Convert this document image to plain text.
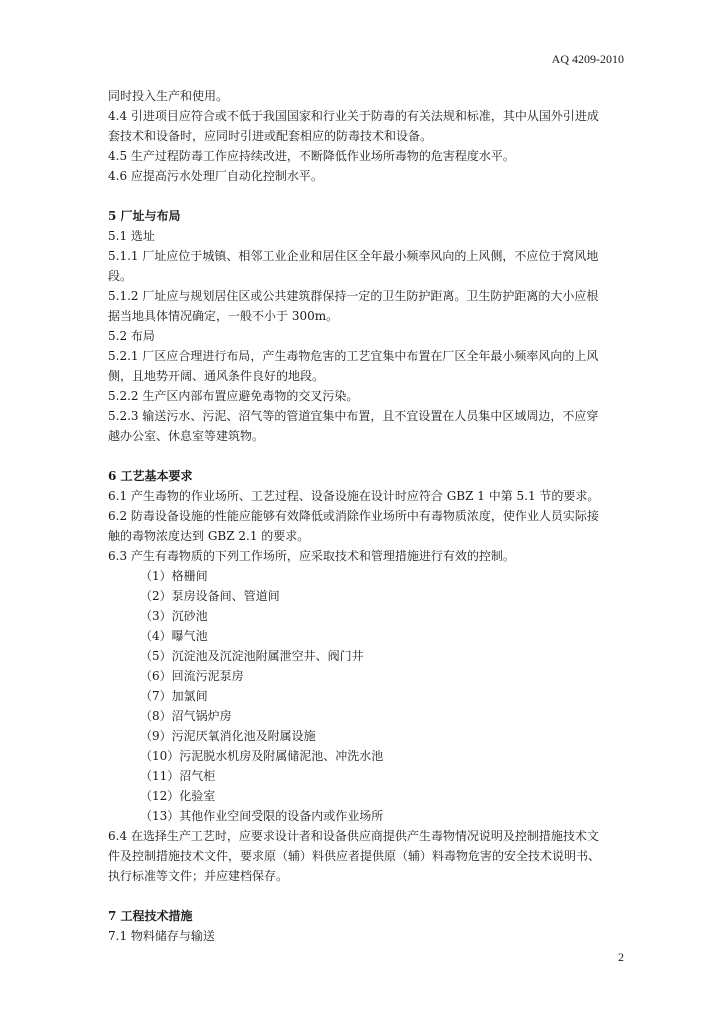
AQ 4209-2010

同时投入生产和使用。

4.4 引进项目应符合或不低于我国国家和行业关于防毒的有关法规和标准，其中从国外引进成

套技术和设备时，应同时引进或配套相应的防毒技术和设备。

4.5 生产过程防毒工作应持续改进，不断降低作业场所毒物的危害程度水平。

4.6 应提高污水处理厂自动化控制水平。

5 厂址与布局

5.1 选址

5.1.1 厂址应位于城镇、相邻工业企业和居住区全年最小频率风向的上风侧，不应位于窝风地

段。

5.1.2 厂址应与规划居住区或公共建筑群保持一定的卫生防护距离。卫生防护距离的大小应根

据当地具体情况确定，一般不小于 300m。

5.2 布局

5.2.1 厂区应合理进行布局，产生毒物危害的工艺宜集中布置在厂区全年最小频率风向的上风

侧，且地势开阔、通风条件良好的地段。

5.2.2 生产区内部布置应避免毒物的交叉污染。

5.2.3 输送污水、污泥、沼气等的管道宜集中布置，且不宜设置在人员集中区域周边，不应穿

越办公室、休息室等建筑物。

6 工艺基本要求

6.1 产生毒物的作业场所、工艺过程、设备设施在设计时应符合 GBZ 1 中第 5.1 节的要求。

6.2 防毒设备设施的性能应能够有效降低或消除作业场所中有毒物质浓度，使作业人员实际接

触的毒物浓度达到 GBZ 2.1 的要求。

6.3 产生有毒物质的下列工作场所，应采取技术和管理措施进行有效的控制。

（1）格栅间
（2）泵房设备间、管道间
（3）沉砂池
（4）曝气池
（5）沉淀池及沉淀池附属泄空井、阀门井
（6）回流污泥泵房
（7）加氯间
（8）沼气锅炉房
（9）污泥厌氧消化池及附属设施
（10）污泥脱水机房及附属储泥池、冲洗水池
（11）沼气柜
（12）化验室
（13）其他作业空间受限的设备内或作业场所

6.4 在选择生产工艺时，应要求设计者和设备供应商提供产生毒物情况说明及控制措施技术文

件及控制措施技术文件，要求原（辅）料供应者提供原（辅）料毒物危害的安全技术说明书、

执行标准等文件；并应建档保存。

7 工程技术措施

7.1 物料储存与输送

2
